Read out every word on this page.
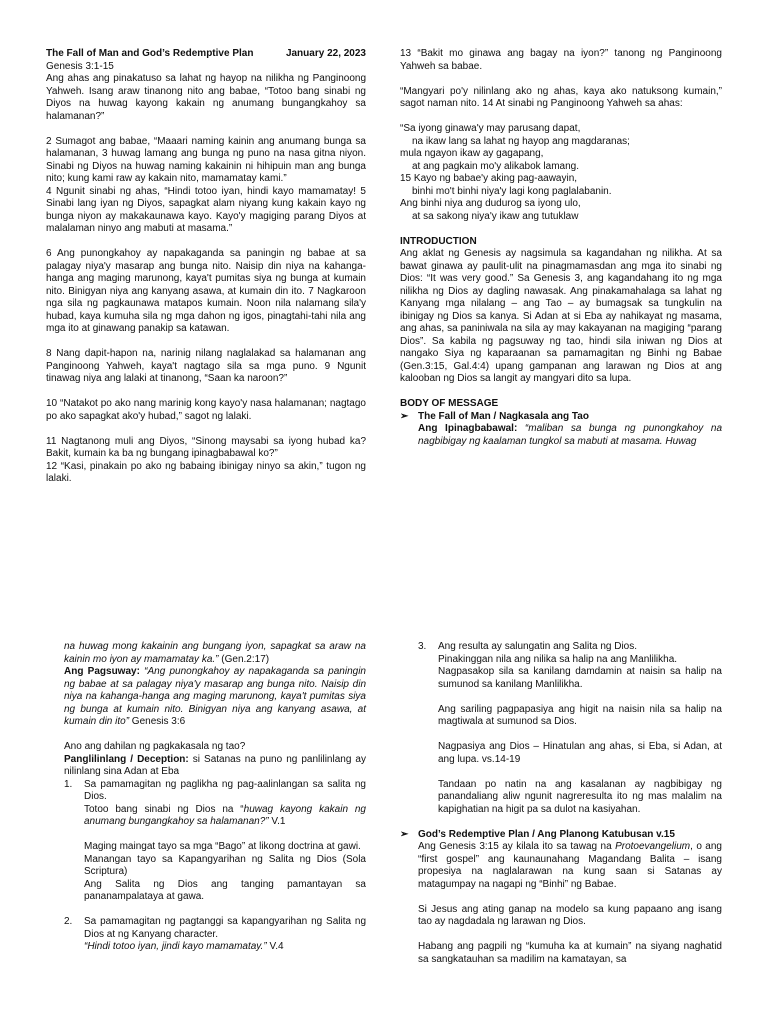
The Fall of Man and God’s Redemptive Plan	January 22, 2023

Genesis 3:1-15

Ang ahas ang pinakatuso sa lahat ng hayop na nilikha ng Panginoong Yahweh. Isang araw tinanong nito ang babae, “Totoo bang sinabi ng Diyos na huwag kayong kakain ng anumang bungangkahoy sa halamanan?”

2 Sumagot ang babae, “Maaari naming kainin ang anumang bunga sa halamanan, 3 huwag lamang ang bunga ng puno na nasa gitna niyon. Sinabi ng Diyos na huwag naming kakainin ni hihipuin man ang bunga nito; kung kami raw ay kakain nito, mamamatay kami.”

4 Ngunit sinabi ng ahas, “Hindi totoo iyan, hindi kayo mamamatay! 5 Sinabi lang iyan ng Diyos, sapagkat alam niyang kung kakain kayo ng bunga niyon ay makakaunawa kayo. Kayo'y magiging parang Diyos at malalaman ninyo ang mabuti at masama.”

6 Ang punongkahoy ay napakaganda sa paningin ng babae at sa palagay niya'y masarap ang bunga nito. Naisip din niya na kahanga-hanga ang maging marunong, kaya't pumitas siya ng bunga at kumain nito. Binigyan niya ang kanyang asawa, at kumain din ito. 7 Nagkaroon nga sila ng pagkaunawa matapos kumain. Noon nila nalamang sila'y hubad, kaya kumuha sila ng mga dahon ng igos, pinagtahi-tahi nila ang mga ito at ginawang panakip sa katawan.

8 Nang dapit-hapon na, narinig nilang naglalakad sa halamanan ang Panginoong Yahweh, kaya't nagtago sila sa mga puno. 9 Ngunit tinawag niya ang lalaki at tinanong, “Saan ka naroon?”

10 “Natakot po ako nang marinig kong kayo'y nasa halamanan; nagtago po ako sapagkat ako'y hubad,” sagot ng lalaki.

11 Nagtanong muli ang Diyos, “Sinong maysabi sa iyong hubad ka? Bakit, kumain ka ba ng bungang ipinagbabawal ko?”

12 “Kasi, pinakain po ako ng babaing ibinigay ninyo sa akin,” tugon ng lalaki.

13 “Bakit mo ginawa ang bagay na iyon?” tanong ng Panginoong Yahweh sa babae.

“Mangyari po'y nilinlang ako ng ahas, kaya ako natuksong kumain,” sagot naman nito. 14 At sinabi ng Panginoong Yahweh sa ahas:

“Sa iyong ginawa'y may parusang dapat,

na ikaw lang sa lahat ng hayop ang magdaranas;

mula ngayon ikaw ay gagapang,

at ang pagkain mo'y alikabok lamang.

15 Kayo ng babae'y aking pag-aawayin,

binhi mo't binhi niya'y lagi kong paglalabanin.

Ang binhi niya ang dudurog sa iyong ulo,

at sa sakong niya'y ikaw ang tutuklaw

INTRODUCTION

Ang aklat ng Genesis ay nagsimula sa kagandahan ng nilikha. At sa bawat ginawa ay paulit-ulit na pinagmamasdan ang mga ito sinabi ng Dios: “It was very good.” Sa Genesis 3, ang kagandahang ito ng mga nilikha ng Dios ay dagling nawasak. Ang pinakamahalaga sa lahat ng Kanyang mga nilalang – ang Tao – ay bumagsak sa tungkulin na ibinigay ng Dios sa kanya. Si Adan at si Eba ay nahikayat ng masama, ang ahas, sa paniniwala na sila ay may kakayanan na magiging “parang Dios”. Sa kabila ng pagsuway ng tao, hindi sila iniwan ng Dios at nangako Siya ng kaparaanan sa pamamagitan ng Binhi ng Babae (Gen.3:15, Gal.4:4) upang gampanan ang larawan ng Dios at ang kalooban ng Dios sa langit ay mangyari dito sa lupa.

BODY OF MESSAGE

➢ The Fall of Man / Nagkasala ang Tao

Ang Ipinagbabawal: “maliban sa bunga ng punongkahoy na nagbibigay ng kaalaman tungkol sa mabuti at masama. Huwag

na huwag mong kakainin ang bungang iyon, sapagkat sa araw na kainin mo iyon ay mamamatay ka.” (Gen.2:17)

Ang Pagsuway: “Ang punongkahoy ay napakaganda sa paningin ng babae at sa palagay niya'y masarap ang bunga nito. Naisip din niya na kahanga-hanga ang maging marunong, kaya't pumitas siya ng bunga at kumain nito. Binigyan niya ang kanyang asawa, at kumain din ito” Genesis 3:6

Ano ang dahilan ng pagkakasala ng tao?

Panglilinlang / Deception: si Satanas na puno ng panlilinlang ay nilinlang sina Adan at Eba

1.	Sa pamamagitan ng paglikha ng pag-aalinlangan sa salita ng Dios.

Totoo bang sinabi ng Dios na “huwag kayong kakain ng anumang bungangkahoy sa halamanan?” V.1

Maging maingat tayo sa mga “Bago” at likong doctrina at gawi.

Manangan tayo sa Kapangyarihan ng Salita ng Dios (Sola Scriptura)

Ang Salita ng Dios ang tanging pamantayan sa pananampalataya at gawa.

2.	Sa pamamagitan ng pagtanggi sa kapangyarihan ng Salita ng Dios at ng Kanyang character.

“Hindi totoo iyan, jindi kayo mamamatay.” V.4

3.	Ang resulta ay salungatin ang Salita ng Dios.

Pinakinggan nila ang nilika sa halip na ang Manlilikha.

Nagpasakop sila sa kanilang damdamin at naisin sa halip na sumunod sa kanilang Manlilikha.

Ang sariling pagpapasiya ang higit na naisin nila sa halip na magtiwala at sumunod sa Dios.

Nagpasiya ang Dios – Hinatulan ang ahas, si Eba, si Adan, at ang lupa. vs.14-19

Tandaan po natin na ang kasalanan ay nagbibigay ng panandaliang aliw ngunit nagreresulta ito ng mas malalim na kapighatian na higit pa sa dulot na kasiyahan.

➢ God’s Redemptive Plan / Ang Planong Katubusan v.15

Ang Genesis 3:15 ay kilala ito sa tawag na Protoevangelium, o ang “first gospel” ang kaunaunahang Magandang Balita – isang propesiya na naglalarawan na kung saan si Satanas ay matagumpay na nagapi ng “Binhi” ng Babae.

Si Jesus ang ating ganap na modelo sa kung papaano ang isang tao ay nagdadala ng larawan ng Dios.

Habang ang pagpili ng “kumuha ka at kumain” na siyang naghatid sa sangkatauhan sa madilim na kamatayan, sa
